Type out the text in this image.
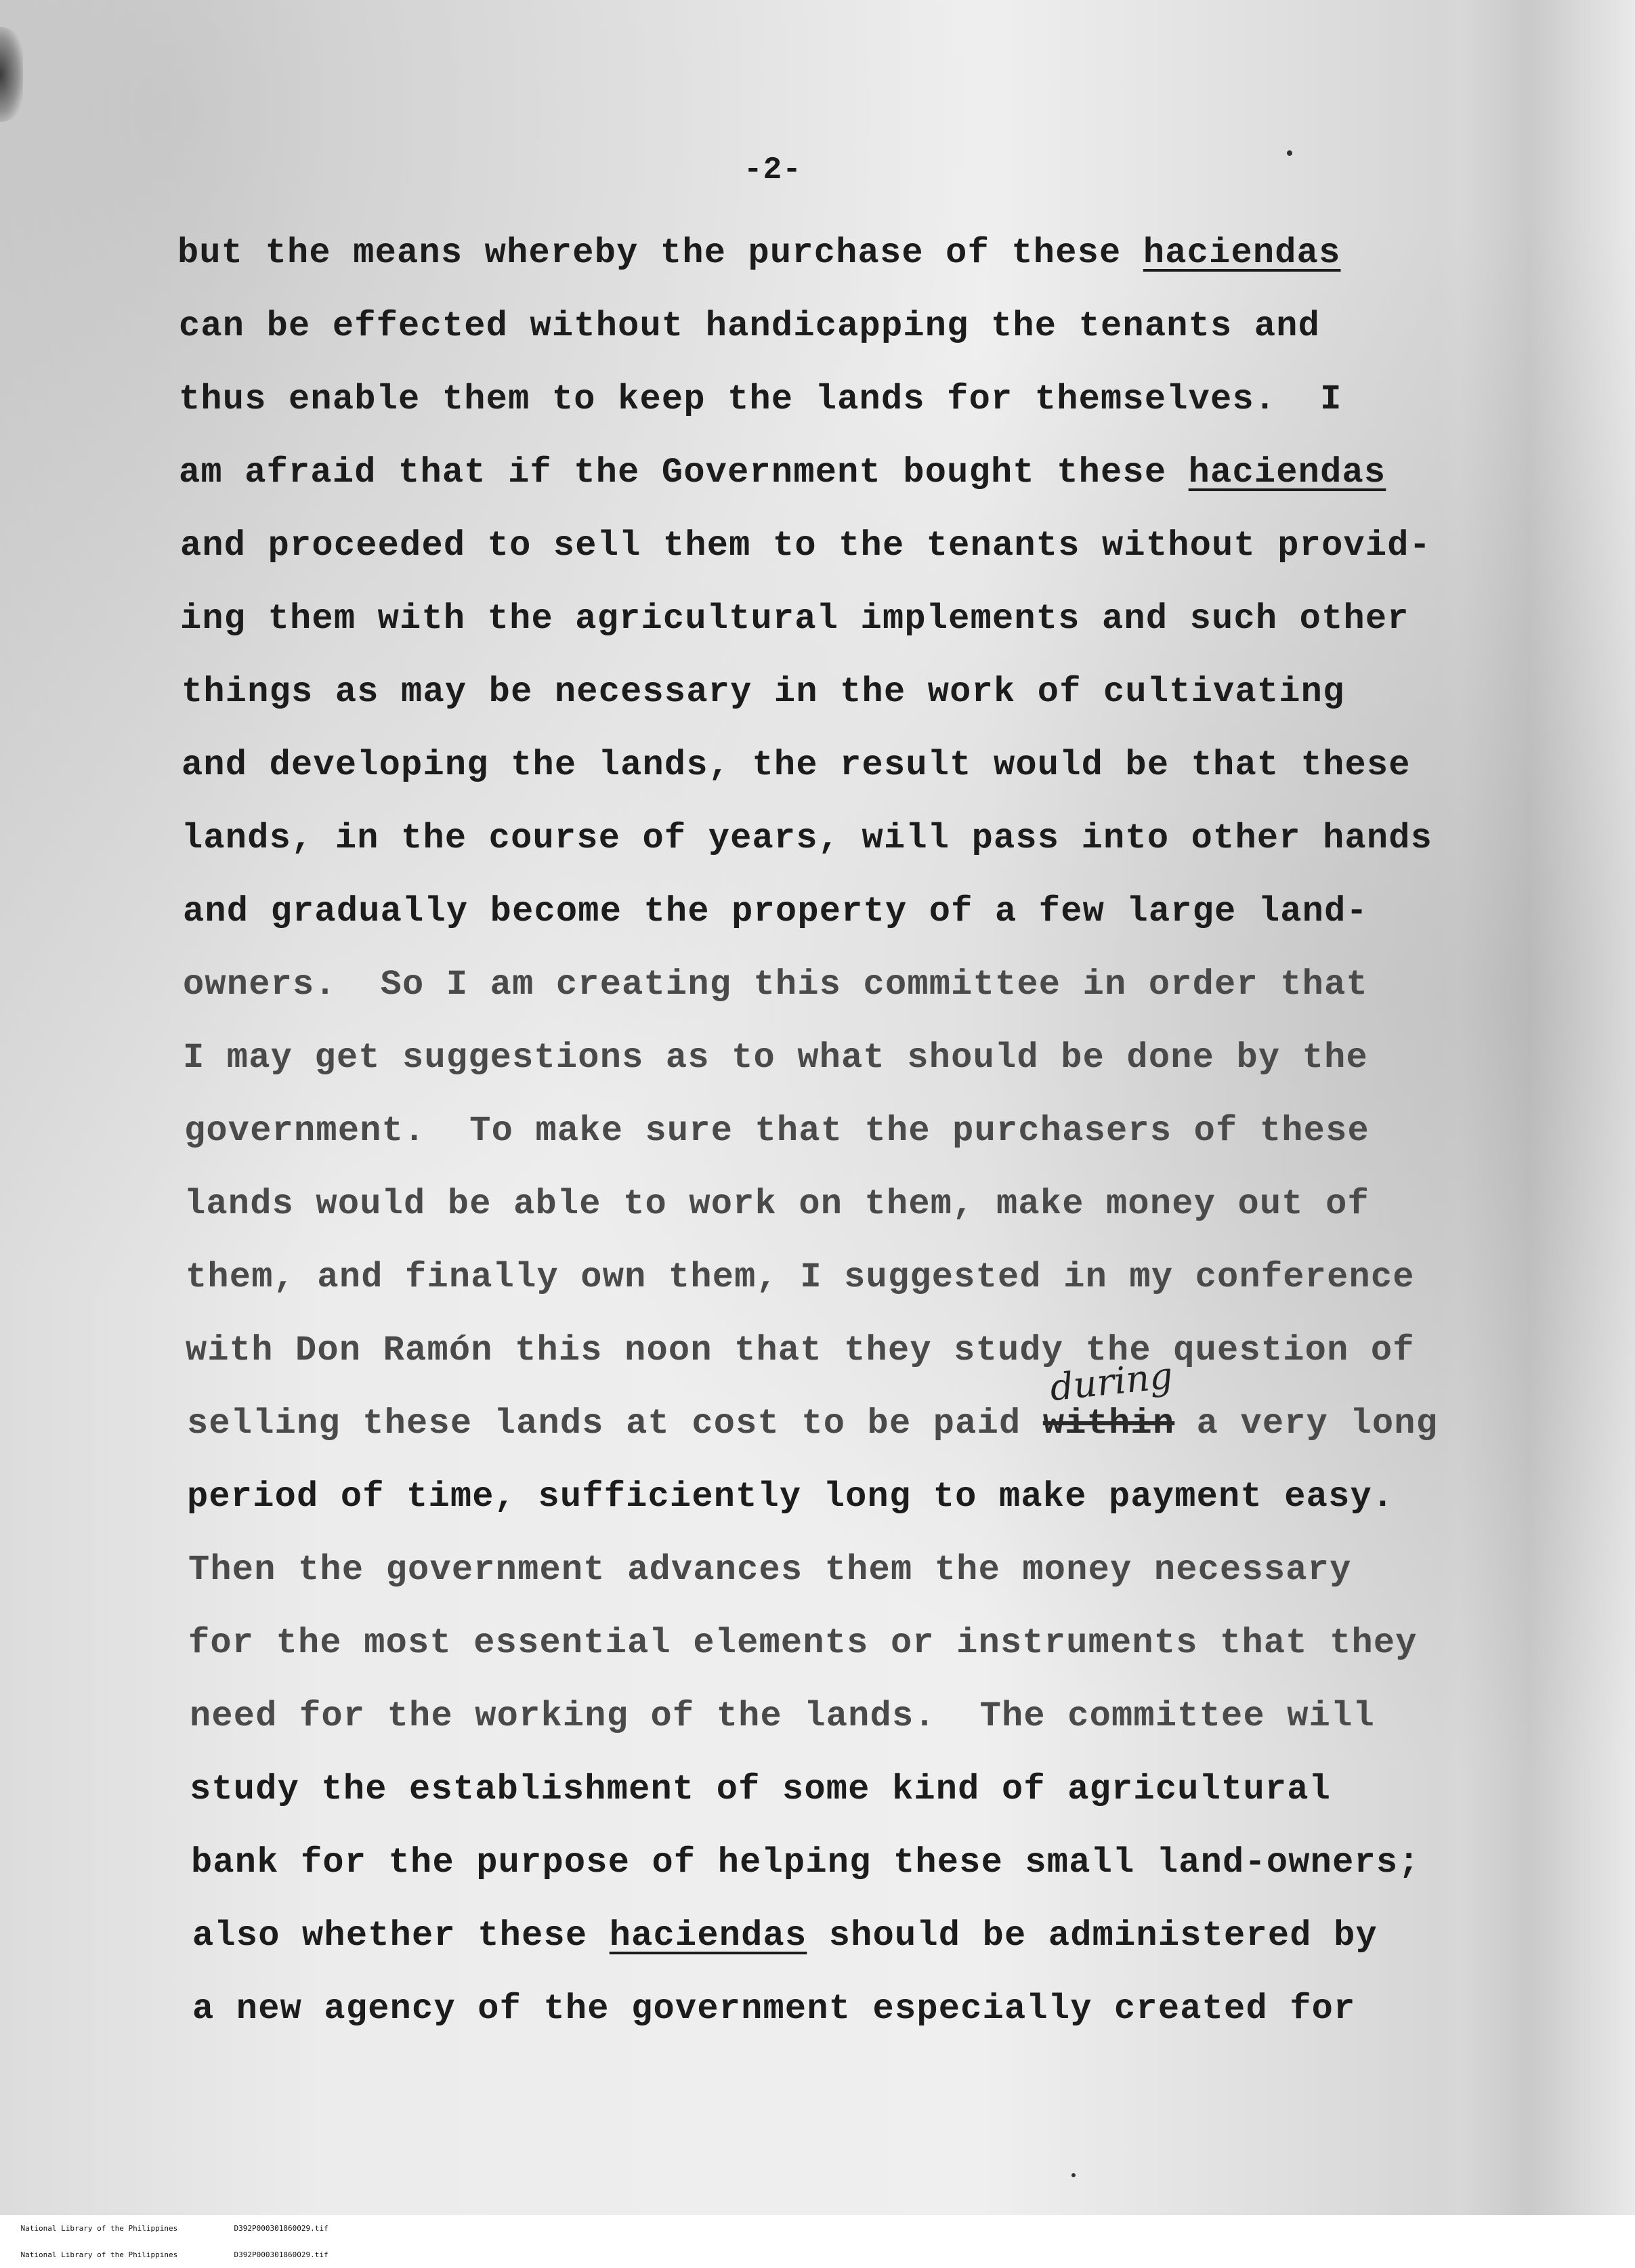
-2-
but the means whereby the purchase of these haciendas
can be effected without handicapping the tenants and
thus enable them to keep the lands for themselves.  I
am afraid that if the Government bought these haciendas
and proceeded to sell them to the tenants without provid-
ing them with the agricultural implements and such other
things as may be necessary in the work of cultivating
and developing the lands, the result would be that these
lands, in the course of years, will pass into other hands
and gradually become the property of a few large land-
owners.  So I am creating this committee in order that
I may get suggestions as to what should be done by the
government.  To make sure that the purchasers of these
lands would be able to work on them, make money out of
them, and finally own them, I suggested in my conference
with Don Ramón this noon that they study the question of
selling these lands at cost to be paid within
during
a very long
period of time, sufficiently long to make payment easy.
Then the government advances them the money necessary
for the most essential elements or instruments that they
need for the working of the lands.  The committee will
study the establishment of some kind of agricultural
bank for the purpose of helping these small land-owners;
also whether these haciendas should be administered by
a new agency of the government especially created for

National Library of the Philippines	D392P000301860029.tif

National Library of the Philippines	D392P000301860029.tif
